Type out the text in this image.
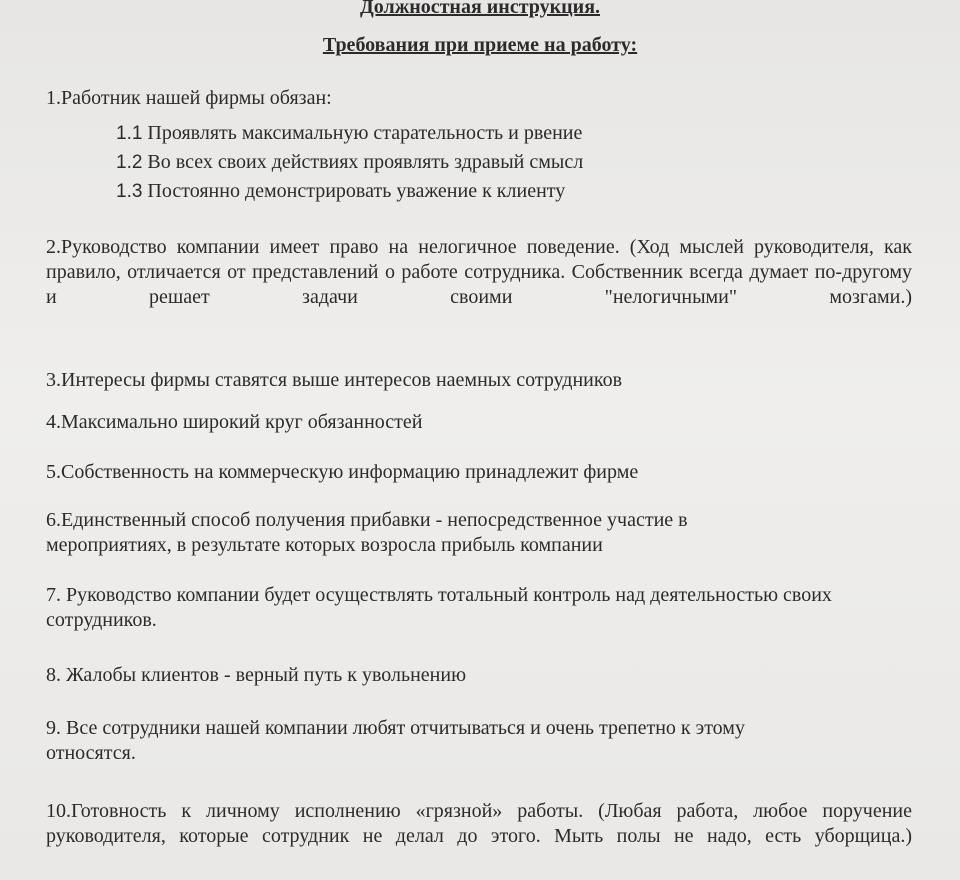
Должностная инструкция.
Требования при приеме на работу:
1.Работник нашей фирмы обязан:
1.1 Проявлять максимальную старательность и рвение
1.2 Во всех своих действиях проявлять здравый смысл
1.3 Постоянно демонстрировать уважение к клиенту
2.Руководство компании имеет право на нелогичное поведение. (Ход мыслей руководителя, как правило, отличается от представлений о работе сотрудника. Собственник всегда думает по-другому и решает задачи своими "нелогичными" мозгами.)
3.Интересы фирмы ставятся выше интересов наемных сотрудников
4.Максимально широкий круг обязанностей
5.Собственность на коммерческую информацию принадлежит фирме
6.Единственный способ получения прибавки - непосредственное участие в мероприятиях, в результате которых возросла прибыль компании
7. Руководство компании будет осуществлять тотальный контроль над деятельностью своих сотрудников.
8. Жалобы клиентов - верный путь к увольнению
9. Все сотрудники нашей компании любят отчитываться и очень трепетно к этому относятся.
10.Готовность к личному исполнению «грязной» работы. (Любая работа, любое поручение руководителя, которые сотрудник не делал до этого. Мыть полы не надо, есть уборщица.)
